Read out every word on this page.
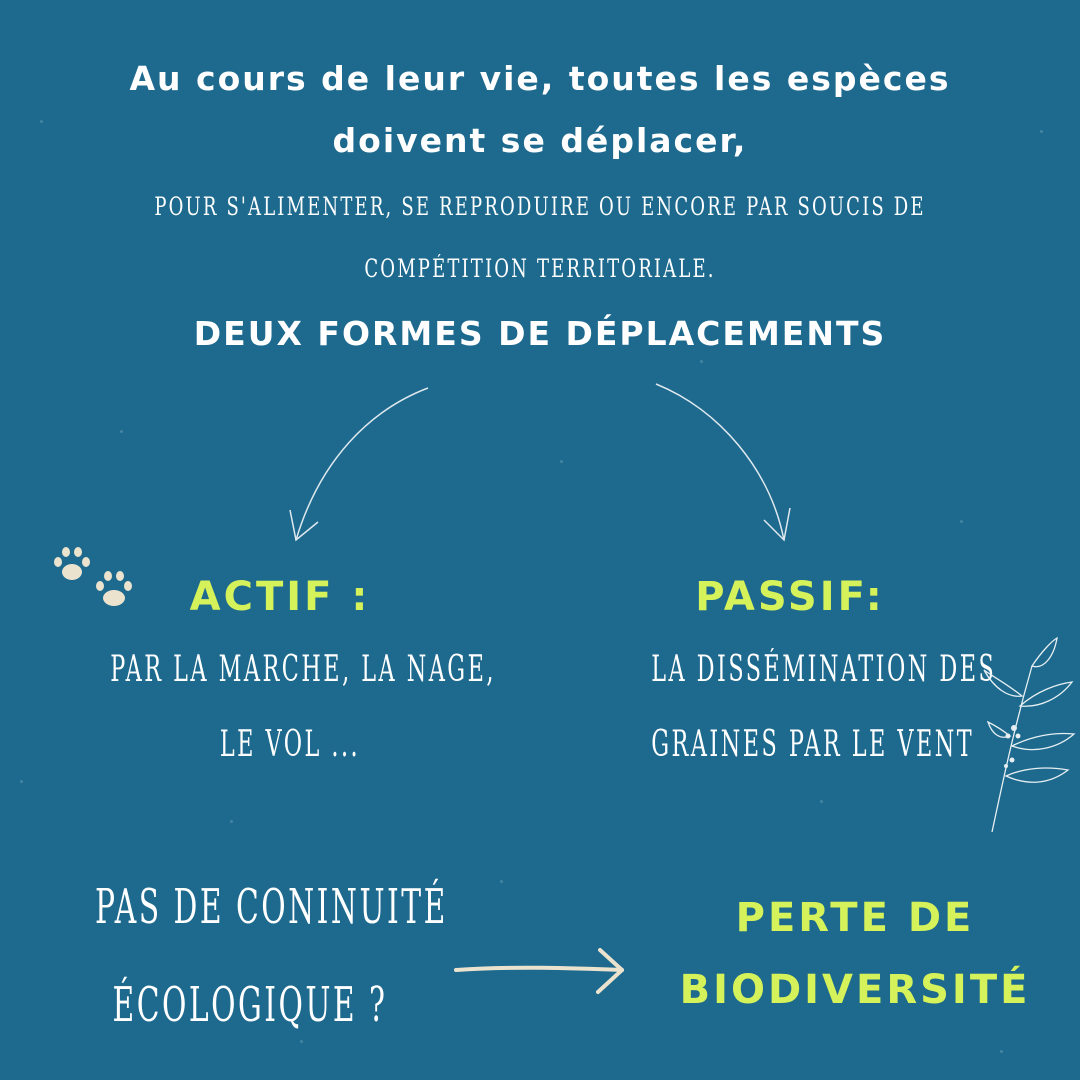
Au cours de leur vie, toutes les espèces
doivent se déplacer,
POUR S'ALIMENTER, SE REPRODUIRE OU ENCORE PAR SOUCIS DE
COMPÉTITION TERRITORIALE.
DEUX FORMES DE DÉPLACEMENTS
ACTIF :
PAR LA MARCHE, LA NAGE,
LE VOL ...
PASSIF:
LA DISSÉMINATION DES
GRAINES PAR LE VENT
PAS DE CONINUITÉ
ÉCOLOGIQUE ?
PERTE DE
BIODIVERSITÉ
